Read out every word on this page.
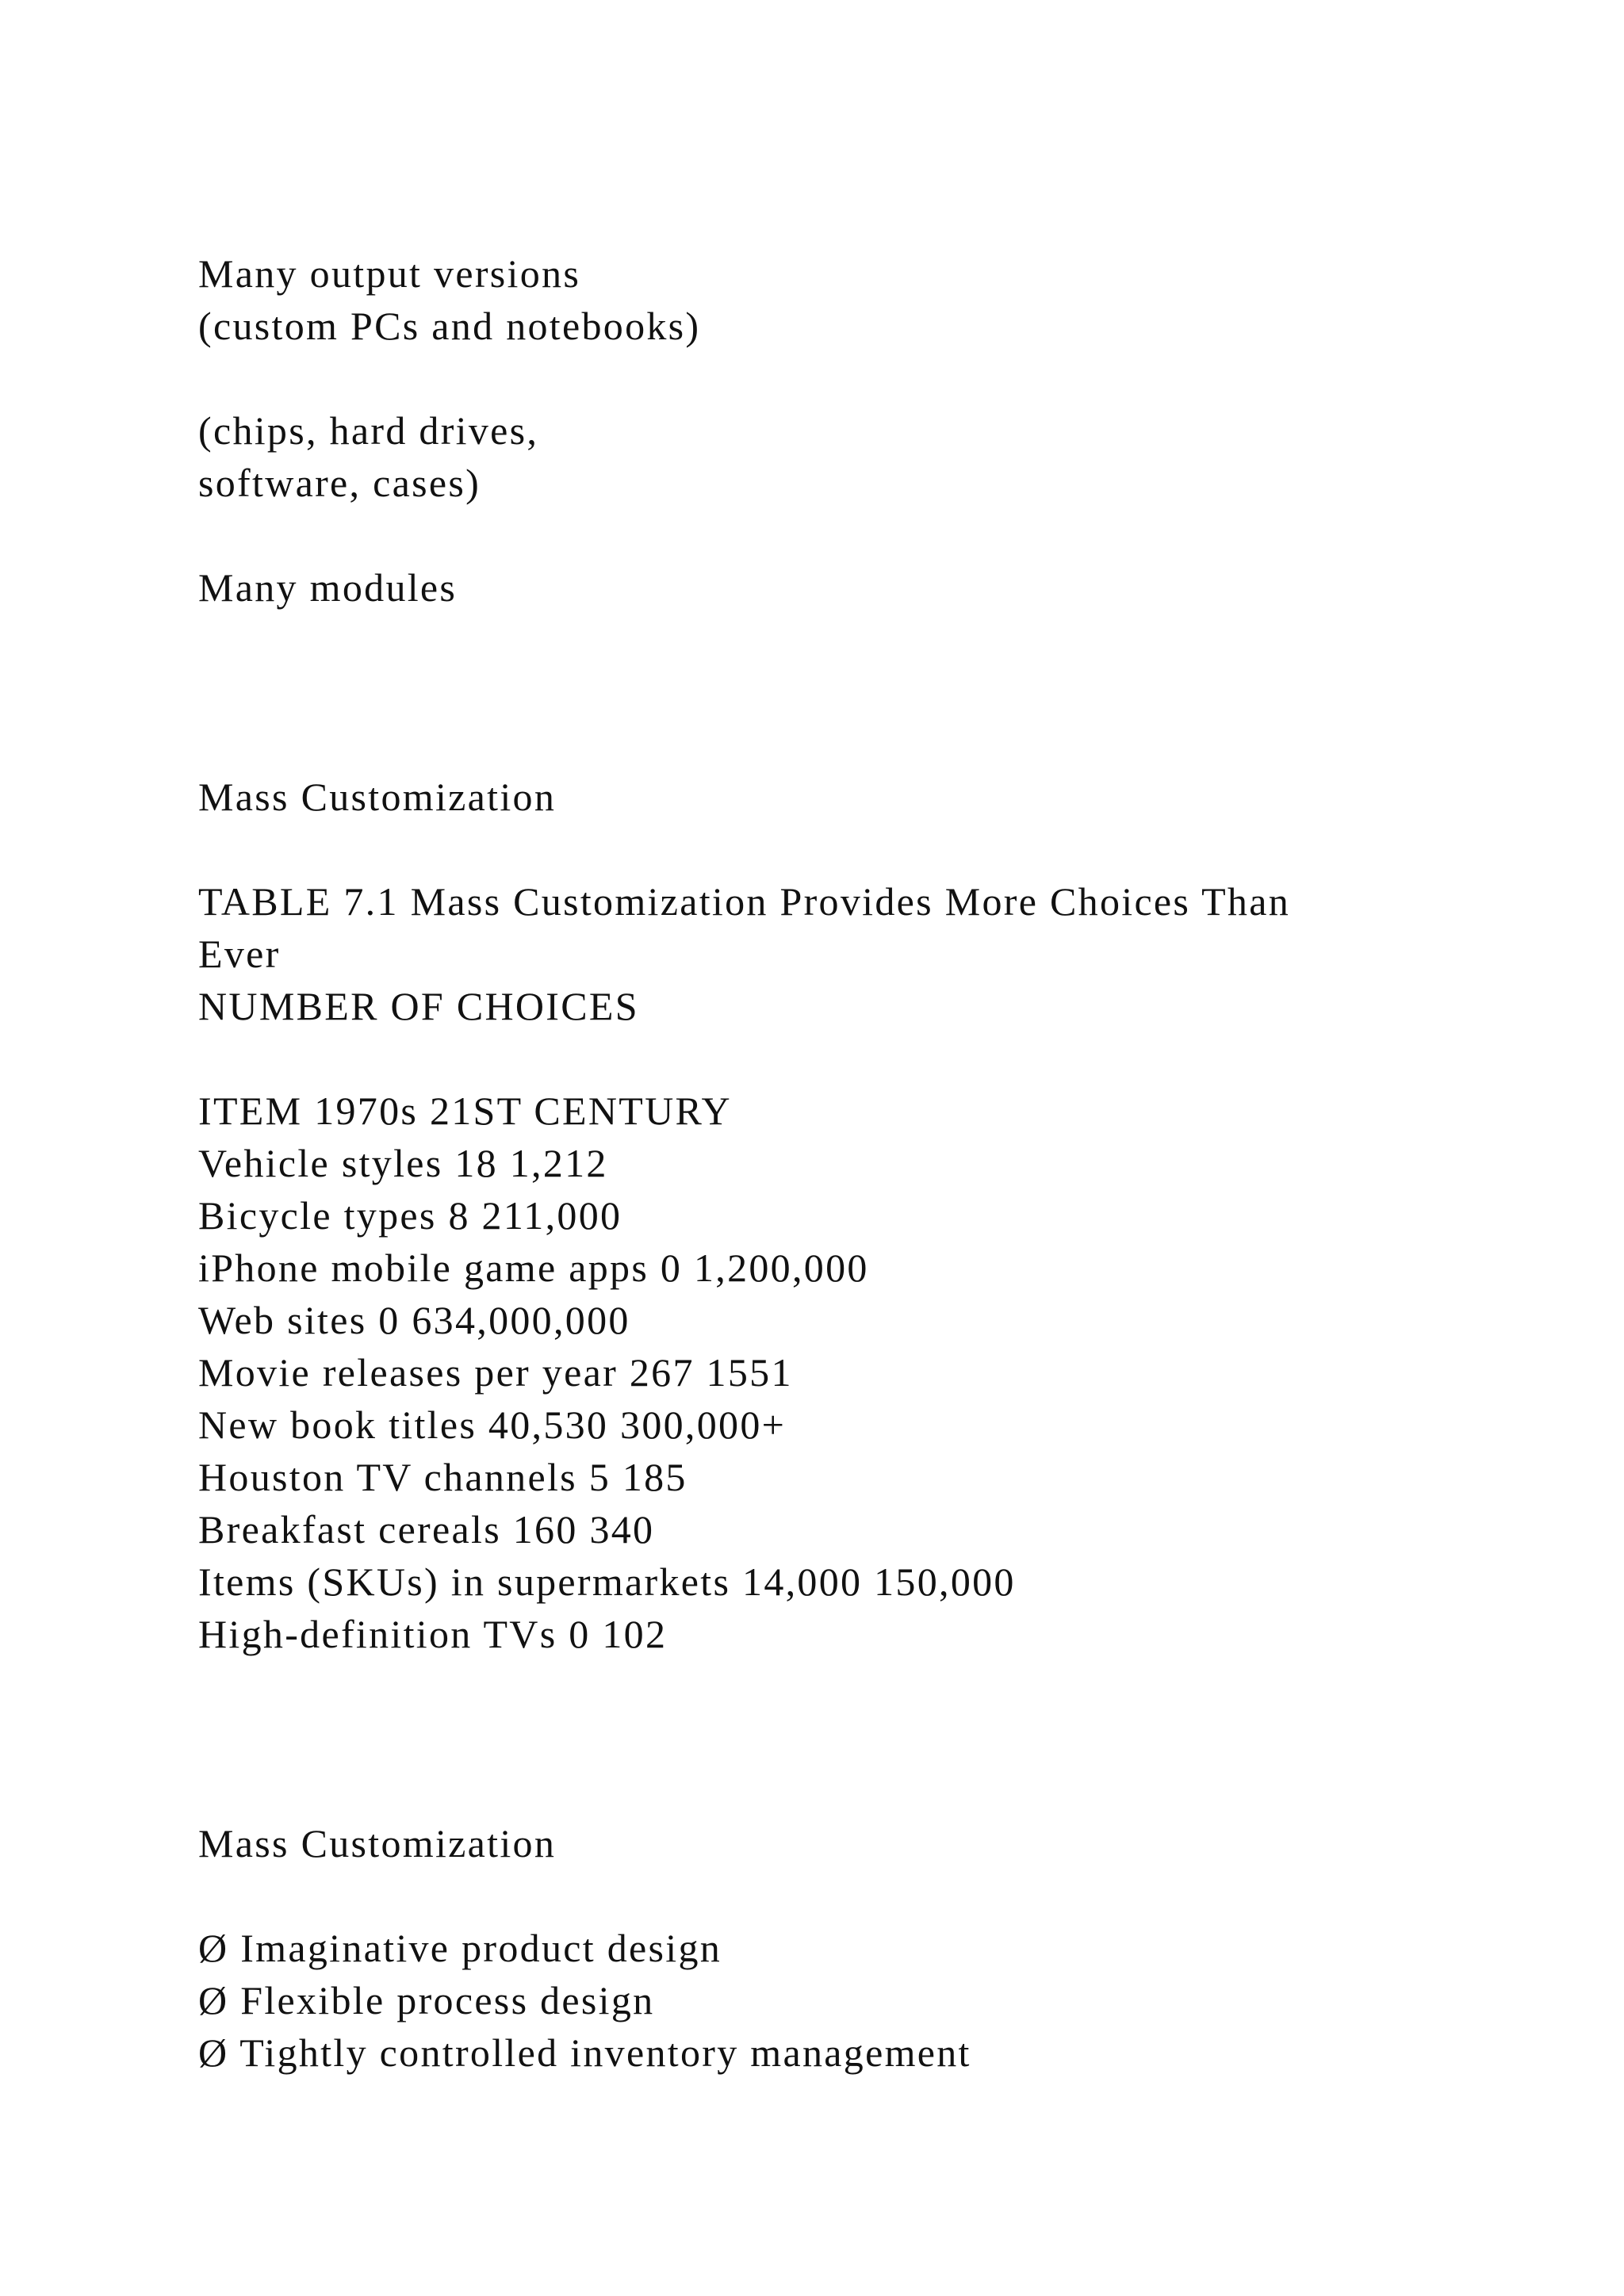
Many output versions
(custom PCs and notebooks)
(chips, hard drives,
software, cases)
Many modules
Mass Customization
TABLE 7.1 Mass Customization Provides More Choices Than
Ever
NUMBER OF CHOICES
ITEM 1970s 21ST CENTURY
Vehicle styles 18 1,212
Bicycle types 8 211,000
iPhone mobile game apps 0 1,200,000
Web sites 0 634,000,000
Movie releases per year 267 1551
New book titles 40,530 300,000+
Houston TV channels 5 185
Breakfast cereals 160 340
Items (SKUs) in supermarkets 14,000 150,000
High-definition TVs 0 102
Mass Customization
Ø Imaginative product design
Ø Flexible process design
Ø Tightly controlled inventory management
